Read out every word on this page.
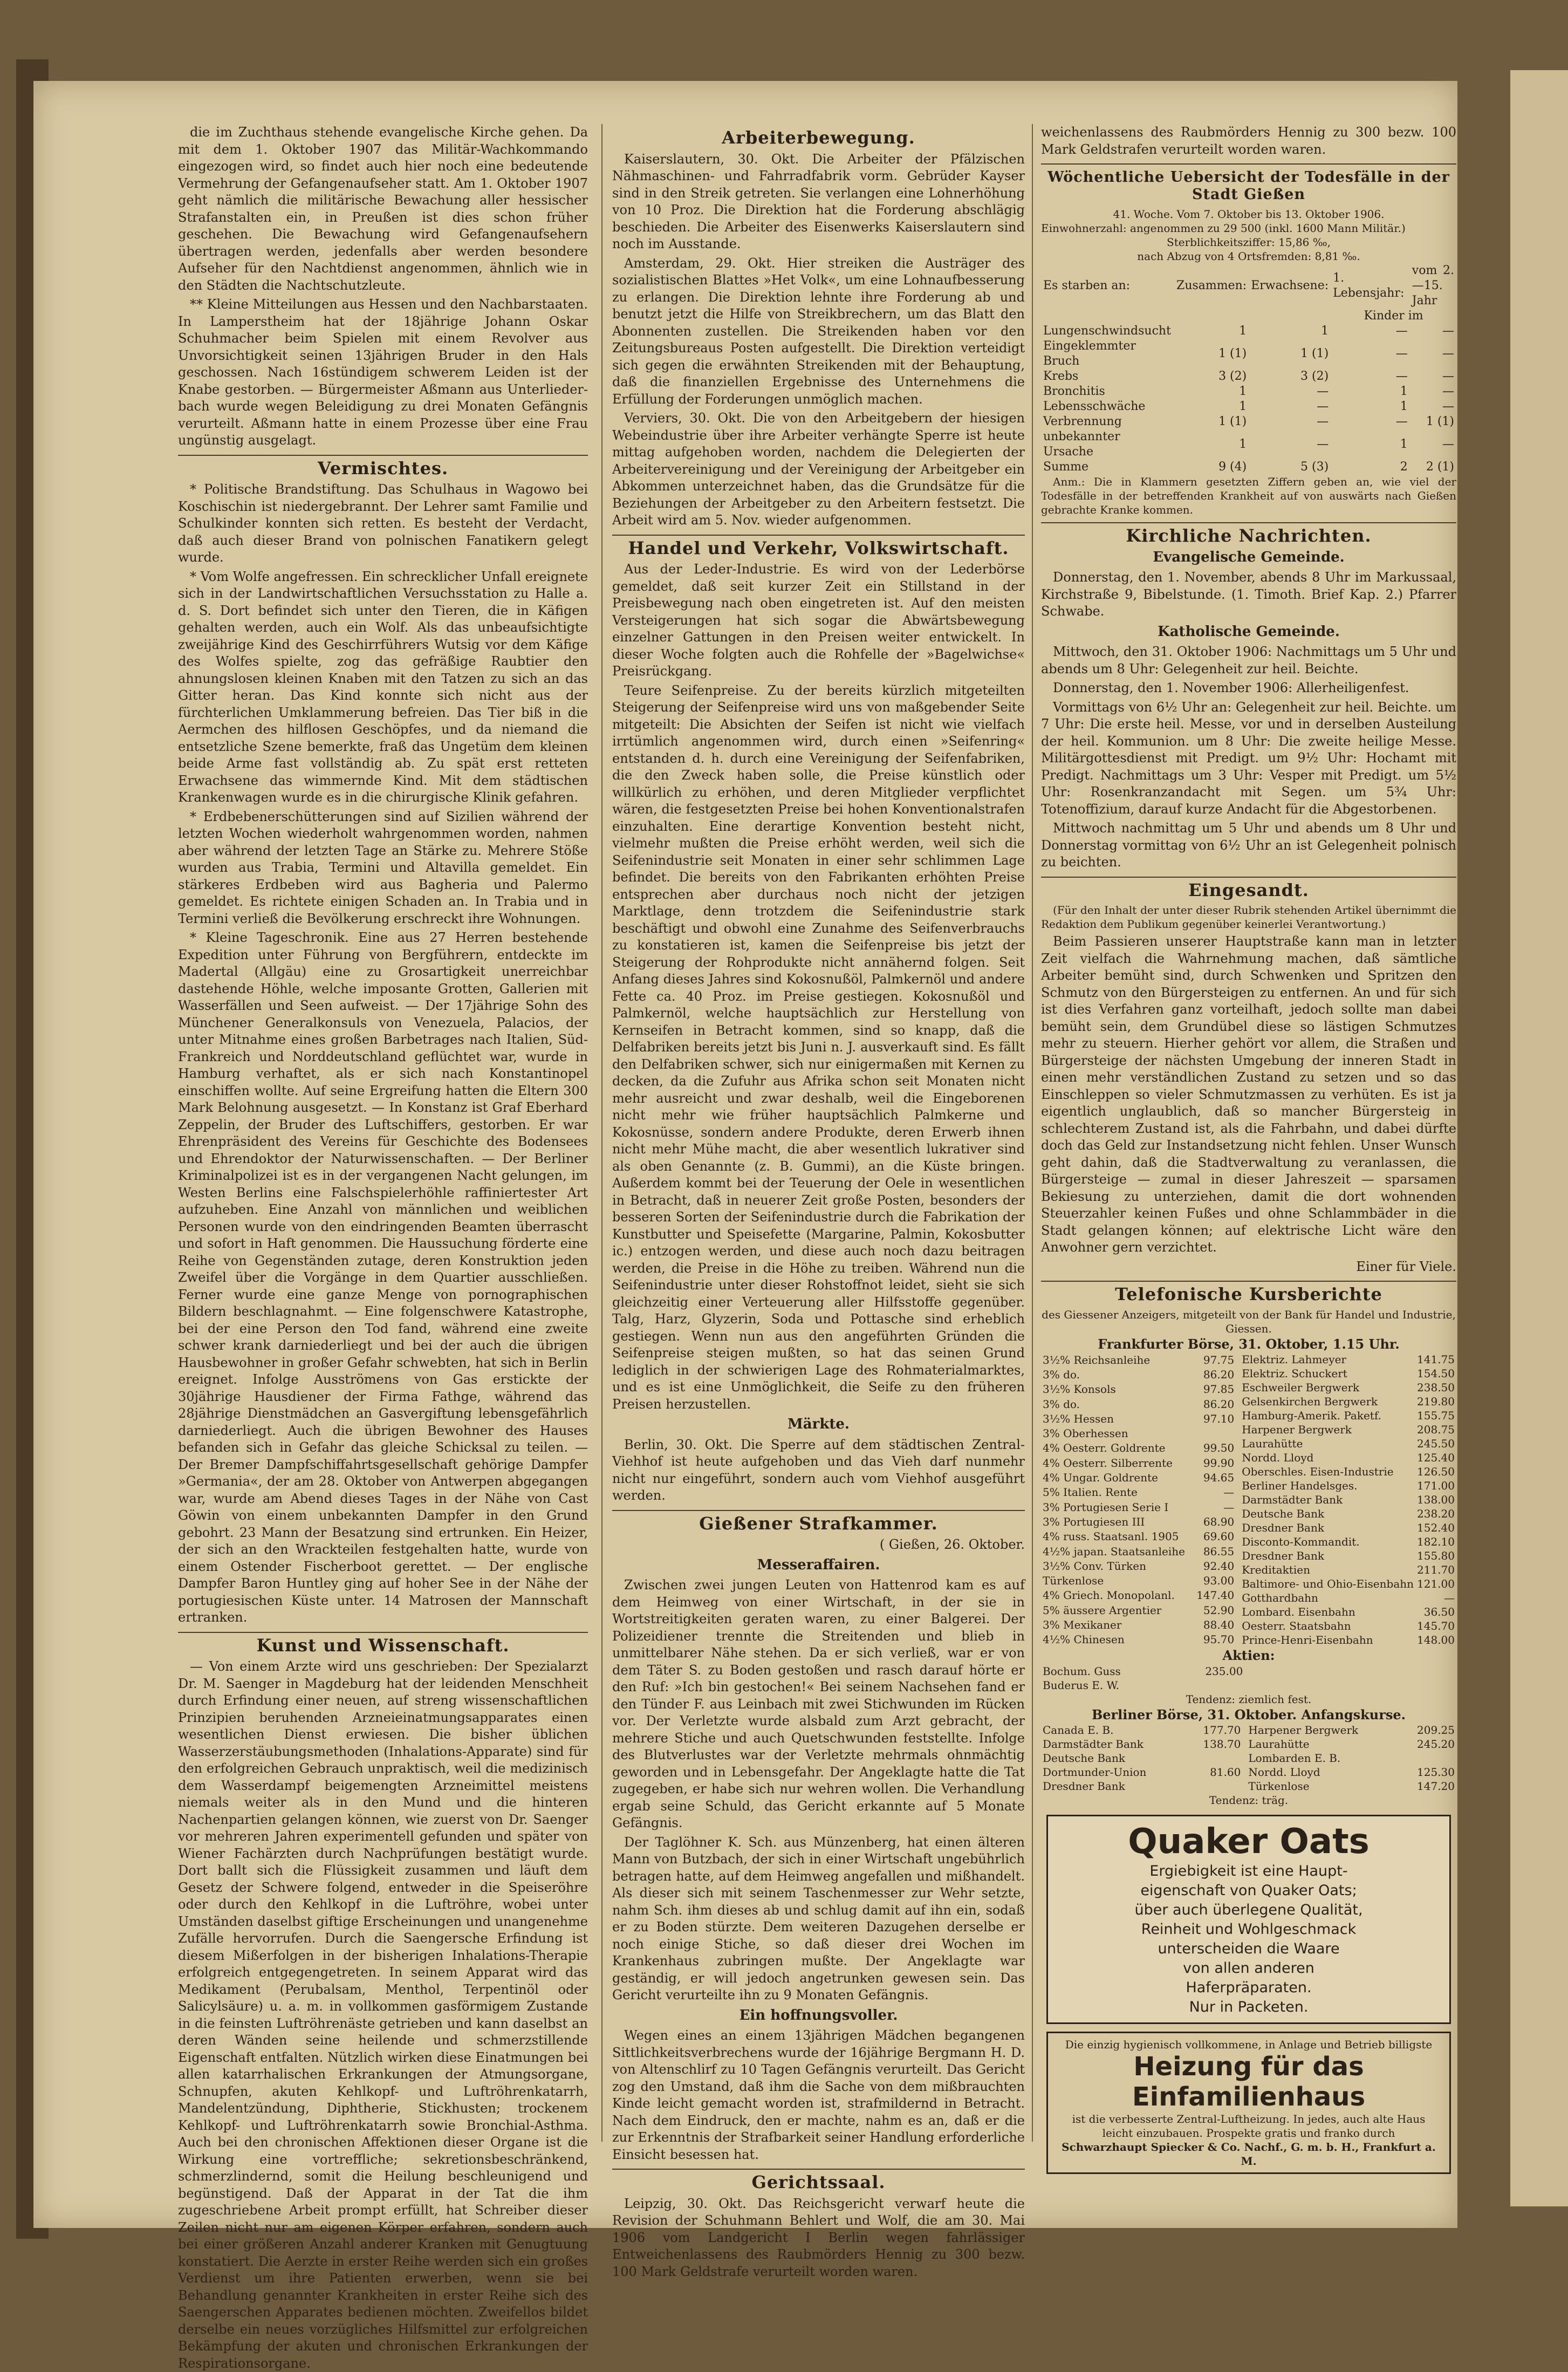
die im Zuchthaus stehende evangelische Kirche gehen. Da mit dem 1. Oktober 1907 das Militär-Wachkommando eingezogen wird, so findet auch hier noch eine bedeutende Vermehrung der Gefangenaufseher statt. Am 1. Oktober 1907 geht nämlich die militärische Bewachung aller hessischer Strafanstalten ein, in Preußen ist dies schon früher geschehen. Die Bewachung wird Gefangenaufsehern übertragen werden, jedenfalls aber werden besondere Aufseher für den Nachtdienst angenommen, ähnlich wie in den Städten die Nachtschutzleute.

** Kleine Mitteilungen aus Hessen und den Nachbarstaaten. In Lamperstheim hat der 18jährige Johann Oskar Schuhmacher beim Spielen mit einem Revolver aus Unvorsichtigkeit seinen 13jährigen Bruder in den Hals geschossen. Nach 16stündigem schwerem Leiden ist der Knabe gestorben. — Bürgermeister Aßmann aus Unterliederbach wurde wegen Beleidigung zu drei Monaten Gefängnis verurteilt. Aßmann hatte in einem Prozesse über eine Frau ungünstig ausgelagt.

Vermischtes.

* Politische Brandstiftung. Das Schulhaus in Wagowo bei Koschischin ist niedergebrannt. Der Lehrer samt Familie und Schulkinder konnten sich retten. Es besteht der Verdacht, daß auch dieser Brand von polnischen Fanatikern gelegt wurde.

* Vom Wolfe angefressen. Ein schrecklicher Unfall ereignete sich in der Landwirtschaftlichen Versuchsstation zu Halle a. d. S. Dort befindet sich unter den Tieren, die in Käfigen gehalten werden, auch ein Wolf. Als das unbeaufsichtigte zweijährige Kind des Geschirrführers Wutsig vor dem Käfige des Wolfes spielte, zog das gefräßige Raubtier den ahnungslosen kleinen Knaben mit den Tatzen zu sich an das Gitter heran. Das Kind konnte sich nicht aus der fürchterlichen Umklammerung befreien. Das Tier biß in die Aermchen des hilflosen Geschöpfes, und da niemand die entsetzliche Szene bemerkte, fraß das Ungetüm dem kleinen beide Arme fast vollständig ab. Zu spät erst retteten Erwachsene das wimmernde Kind. Mit dem städtischen Krankenwagen wurde es in die chirurgische Klinik gefahren.

* Erdbebenerschütterungen sind auf Sizilien während der letzten Wochen wiederholt wahrgenommen worden, nahmen aber während der letzten Tage an Stärke zu. Mehrere Stöße wurden aus Trabia, Termini und Altavilla gemeldet. Ein stärkeres Erdbeben wird aus Bagheria und Palermo gemeldet. Es richtete einigen Schaden an. In Trabia und in Termini verließ die Bevölkerung erschreckt ihre Wohnungen.

* Kleine Tageschronik. Eine aus 27 Herren bestehende Expedition unter Führung von Bergführern, entdeckte im Madertal (Allgäu) eine zu Grosartigkeit unerreichbar dastehende Höhle, welche imposante Grotten, Gallerien mit Wasserfällen und Seen aufweist. — Der 17jährige Sohn des Münchener Generalkonsuls von Venezuela, Palacios, der unter Mitnahme eines großen Barbetrages nach Italien, Süd-Frankreich und Norddeutschland geflüchtet war, wurde in Hamburg verhaftet, als er sich nach Konstantinopel einschiffen wollte. Auf seine Ergreifung hatten die Eltern 300 Mark Belohnung ausgesetzt. — In Konstanz ist Graf Eberhard Zeppelin, der Bruder des Luftschiffers, gestorben. Er war Ehrenpräsident des Vereins für Geschichte des Bodensees und Ehrendoktor der Naturwissenschaften. — Der Berliner Kriminalpolizei ist es in der vergangenen Nacht gelungen, im Westen Berlins eine Falschspielerhöhle raffiniertester Art aufzuheben. Eine Anzahl von männlichen und weiblichen Personen wurde von den eindringenden Beamten überrascht und sofort in Haft genommen. Die Haussuchung förderte eine Reihe von Gegenständen zutage, deren Konstruktion jeden Zweifel über die Vorgänge in dem Quartier ausschließen. Ferner wurde eine ganze Menge von pornographischen Bildern beschlagnahmt. — Eine folgenschwere Katastrophe, bei der eine Person den Tod fand, während eine zweite schwer krank darniederliegt und bei der auch die übrigen Hausbewohner in großer Gefahr schwebten, hat sich in Berlin ereignet. Infolge Ausströmens von Gas erstickte der 30jährige Hausdiener der Firma Fathge, während das 28jährige Dienstmädchen an Gasvergiftung lebensgefährlich darniederliegt. Auch die übrigen Bewohner des Hauses befanden sich in Gefahr das gleiche Schicksal zu teilen. — Der Bremer Dampfschiffahrtsgesellschaft gehörige Dampfer »Germania«, der am 28. Oktober von Antwerpen abgegangen war, wurde am Abend dieses Tages in der Nähe von Cast Göwin von einem unbekannten Dampfer in den Grund gebohrt. 23 Mann der Besatzung sind ertrunken. Ein Heizer, der sich an den Wrackteilen festgehalten hatte, wurde von einem Ostender Fischerboot gerettet. — Der englische Dampfer Baron Huntley ging auf hoher See in der Nähe der portugiesischen Küste unter. 14 Matrosen der Mannschaft ertranken.

Kunst und Wissenschaft.

— Von einem Arzte wird uns geschrieben: Der Spezialarzt Dr. M. Saenger in Magdeburg hat der leidenden Menschheit durch Erfindung einer neuen, auf streng wissenschaftlichen Prinzipien beruhenden Arzneieinatmungsapparates einen wesentlichen Dienst erwiesen. Die bisher üblichen Wasserzerstäubungsmethoden (Inhalations-Apparate) sind für den erfolgreichen Gebrauch unpraktisch, weil die medizinisch dem Wasserdampf beigemengten Arzneimittel meistens niemals weiter als in den Mund und die hinteren Nachenpartien gelangen können, wie zuerst von Dr. Saenger vor mehreren Jahren experimentell gefunden und später von Wiener Fachärzten durch Nachprüfungen bestätigt wurde. Dort ballt sich die Flüssigkeit zusammen und läuft dem Gesetz der Schwere folgend, entweder in die Speiseröhre oder durch den Kehlkopf in die Luftröhre, wobei unter Umständen daselbst giftige Erscheinungen und unangenehme Zufälle hervorrufen. Durch die Saengersche Erfindung ist diesem Mißerfolgen in der bisherigen Inhalations-Therapie erfolgreich entgegengetreten. In seinem Apparat wird das Medikament (Perubalsam, Menthol, Terpentinöl oder Salicylsäure) u. a. m. in vollkommen gasförmigem Zustande in die feinsten Luftröhrenäste getrieben und kann daselbst an deren Wänden seine heilende und schmerzstillende Eigenschaft entfalten. Nützlich wirken diese Einatmungen bei allen katarrhalischen Erkrankungen der Atmungsorgane, Schnupfen, akuten Kehlkopf- und Luftröhrenkatarrh, Mandelentzündung, Diphtherie, Stickhusten; trockenem Kehlkopf- und Luftröhrenkatarrh sowie Bronchial-Asthma. Auch bei den chronischen Affektionen dieser Organe ist die Wirkung eine vortreffliche; sekretionsbeschränkend, schmerzlindernd, somit die Heilung beschleunigend und begünstigend. Daß der Apparat in der Tat die ihm zugeschriebene Arbeit prompt erfüllt, hat Schreiber dieser Zeilen nicht nur am eigenen Körper erfahren, sondern auch bei einer größeren Anzahl anderer Kranken mit Genugtuung konstatiert. Die Aerzte in erster Reihe werden sich ein großes Verdienst um ihre Patienten erwerben, wenn sie bei Behandlung genannter Krankheiten in erster Reihe sich des Saengerschen Apparates bedienen möchten. Zweifellos bildet derselbe ein neues vorzügliches Hilfsmittel zur erfolgreichen Bekämpfung der akuten und chronischen Erkrankungen der Respirationsorgane.

Arbeiterbewegung.

Kaiserslautern, 30. Okt. Die Arbeiter der Pfälzischen Nähmaschinen- und Fahrradfabrik vorm. Gebrüder Kayser sind in den Streik getreten. Sie verlangen eine Lohnerhöhung von 10 Proz. Die Direktion hat die Forderung abschlägig beschieden. Die Arbeiter des Eisenwerks Kaiserslautern sind noch im Ausstande.

Amsterdam, 29. Okt. Hier streiken die Austräger des sozialistischen Blattes »Het Volk«, um eine Lohnaufbesserung zu erlangen. Die Direktion lehnte ihre Forderung ab und benutzt jetzt die Hilfe von Streikbrechern, um das Blatt den Abonnenten zustellen. Die Streikenden haben vor den Zeitungsbureaus Posten aufgestellt. Die Direktion verteidigt sich gegen die erwähnten Streikenden mit der Behauptung, daß die finanziellen Ergebnisse des Unternehmens die Erfüllung der Forderungen unmöglich machen.

Verviers, 30. Okt. Die von den Arbeitgebern der hiesigen Webeindustrie über ihre Arbeiter verhängte Sperre ist heute mittag aufgehoben worden, nachdem die Delegierten der Arbeitervereinigung und der Vereinigung der Arbeitgeber ein Abkommen unterzeichnet haben, das die Grundsätze für die Beziehungen der Arbeitgeber zu den Arbeitern festsetzt. Die Arbeit wird am 5. Nov. wieder aufgenommen.

Handel und Verkehr, Volkswirtschaft.

Aus der Leder-Industrie. Es wird von der Lederbörse gemeldet, daß seit kurzer Zeit ein Stillstand in der Preisbewegung nach oben eingetreten ist. Auf den meisten Versteigerungen hat sich sogar die Abwärtsbewegung einzelner Gattungen in den Preisen weiter entwickelt. In dieser Woche folgten auch die Rohfelle der »Bagelwichse« Preisrückgang.

Teure Seifenpreise. Zu der bereits kürzlich mitgeteilten Steigerung der Seifenpreise wird uns von maßgebender Seite mitgeteilt: Die Absichten der Seifen ist nicht wie vielfach irrtümlich angenommen wird, durch einen »Seifenring« entstanden d. h. durch eine Vereinigung der Seifenfabriken, die den Zweck haben solle, die Preise künstlich oder willkürlich zu erhöhen, und deren Mitglieder verpflichtet wären, die festgesetzten Preise bei hohen Konventionalstrafen einzuhalten. Eine derartige Konvention besteht nicht, vielmehr mußten die Preise erhöht werden, weil sich die Seifenindustrie seit Monaten in einer sehr schlimmen Lage befindet. Die bereits von den Fabrikanten erhöhten Preise entsprechen aber durchaus noch nicht der jetzigen Marktlage, denn trotzdem die Seifenindustrie stark beschäftigt und obwohl eine Zunahme des Seifenverbrauchs zu konstatieren ist, kamen die Seifenpreise bis jetzt der Steigerung der Rohprodukte nicht annähernd folgen. Seit Anfang dieses Jahres sind Kokosnußöl, Palmkernöl und andere Fette ca. 40 Proz. im Preise gestiegen. Kokosnußöl und Palmkernöl, welche hauptsächlich zur Herstellung von Kernseifen in Betracht kommen, sind so knapp, daß die Delfabriken bereits jetzt bis Juni n. J. ausverkauft sind. Es fällt den Delfabriken schwer, sich nur einigermaßen mit Kernen zu decken, da die Zufuhr aus Afrika schon seit Monaten nicht mehr ausreicht und zwar deshalb, weil die Eingeborenen nicht mehr wie früher hauptsächlich Palmkerne und Kokosnüsse, sondern andere Produkte, deren Erwerb ihnen nicht mehr Mühe macht, die aber wesentlich lukrativer sind als oben Genannte (z. B. Gummi), an die Küste bringen. Außerdem kommt bei der Teuerung der Oele in wesentlichen in Betracht, daß in neuerer Zeit große Posten, besonders der besseren Sorten der Seifenindustrie durch die Fabrikation der Kunstbutter und Speisefette (Margarine, Palmin, Kokosbutter ic.) entzogen werden, und diese auch noch dazu beitragen werden, die Preise in die Höhe zu treiben. Während nun die Seifenindustrie unter dieser Rohstoffnot leidet, sieht sie sich gleichzeitig einer Verteuerung aller Hilfsstoffe gegenüber. Talg, Harz, Glyzerin, Soda und Pottasche sind erheblich gestiegen. Wenn nun aus den angeführten Gründen die Seifenpreise steigen mußten, so hat das seinen Grund lediglich in der schwierigen Lage des Rohmaterialmarktes, und es ist eine Unmöglichkeit, die Seife zu den früheren Preisen herzustellen.

Märkte.

Berlin, 30. Okt. Die Sperre auf dem städtischen Zentral-Viehhof ist heute aufgehoben und das Vieh darf nunmehr nicht nur eingeführt, sondern auch vom Viehhof ausgeführt werden.

Gießener Strafkammer.
( Gießen, 26. Oktober.
Messeraffairen.

Zwischen zwei jungen Leuten von Hattenrod kam es auf dem Heimweg von einer Wirtschaft, in der sie in Wortstreitigkeiten geraten waren, zu einer Balgerei. Der Polizeidiener trennte die Streitenden und blieb in unmittelbarer Nähe stehen. Da er sich verließ, war er von dem Täter S. zu Boden gestoßen und rasch darauf hörte er den Ruf: »Ich bin gestochen!« Bei seinem Nachsehen fand er den Tünder F. aus Leinbach mit zwei Stichwunden im Rücken vor. Der Verletzte wurde alsbald zum Arzt gebracht, der mehrere Stiche und auch Quetschwunden feststellte. Infolge des Blutverlustes war der Verletzte mehrmals ohnmächtig geworden und in Lebensgefahr. Der Angeklagte hatte die Tat zugegeben, er habe sich nur wehren wollen. Die Verhandlung ergab seine Schuld, das Gericht erkannte auf 5 Monate Gefängnis.

Der Taglöhner K. Sch. aus Münzenberg, hat einen älteren Mann von Butzbach, der sich in einer Wirtschaft ungebührlich betragen hatte, auf dem Heimweg angefallen und mißhandelt. Als dieser sich mit seinem Taschenmesser zur Wehr setzte, nahm Sch. ihm dieses ab und schlug damit auf ihn ein, sodaß er zu Boden stürzte. Dem weiteren Dazugehen derselbe er noch einige Stiche, so daß dieser drei Wochen im Krankenhaus zubringen mußte. Der Angeklagte war geständig, er will jedoch angetrunken gewesen sein. Das Gericht verurteilte ihn zu 9 Monaten Gefängnis.

Ein hoffnungsvoller.

Wegen eines an einem 13jährigen Mädchen begangenen Sittlichkeitsverbrechens wurde der 16jährige Bergmann H. D. von Altenschlirf zu 10 Tagen Gefängnis verurteilt. Das Gericht zog den Umstand, daß ihm die Sache von dem mißbrauchten Kinde leicht gemacht worden ist, strafmildernd in Betracht. Nach dem Eindruck, den er machte, nahm es an, daß er die zur Erkenntnis der Strafbarkeit seiner Handlung erforderliche Einsicht besessen hat.

Gerichtssaal.

Leipzig, 30. Okt. Das Reichsgericht verwarf heute die Revision der Schuhmann Behlert und Wolf, die am 30. Mai 1906 vom Landgericht I Berlin wegen fahrlässiger Entweichenlassens des Raubmörders Hennig zu 300 bezw. 100 Mark Geldstrafe verurteilt worden waren.

weichenlassens des Raubmörders Hennig zu 300 bezw. 100 Mark Geldstrafen verurteilt worden waren.

Wöchentliche Uebersicht der Todesfälle in der Stadt Gießen
41. Woche. Vom 7. Oktober bis 13. Oktober 1906.
Einwohnerzahl: angenommen zu 29 500 (inkl. 1600 Mann Militär.)
Sterblichkeitsziffer: 15,86 ‰,
nach Abzug von 4 Ortsfremden: 8,81 ‰.
Es starben an:	Zusammen:	Erwachsene:	1. Lebensjahr:	vom 2.—15. Jahr
			Kinder im	
Lungenschwindsucht	1	1	—	—
Eingeklemmter Bruch	1 (1)	1 (1)	—	—
Krebs	3 (2)	3 (2)	—	—
Bronchitis	1	—	1	—
Lebensschwäche	1	—	1	—
Verbrennung	1 (1)	—	—	1 (1)
unbekannter Ursache	1	—	1	—
Summe	9 (4)	5 (3)	2	2 (1)

Anm.: Die in Klammern gesetzten Ziffern geben an, wie viel der Todesfälle in der betreffenden Krankheit auf von auswärts nach Gießen gebrachte Kranke kommen.

Kirchliche Nachrichten.
Evangelische Gemeinde.

Donnerstag, den 1. November, abends 8 Uhr im Markussaal, Kirchstraße 9, Bibelstunde. (1. Timoth. Brief Kap. 2.) Pfarrer Schwabe.

Katholische Gemeinde.

Mittwoch, den 31. Oktober 1906: Nachmittags um 5 Uhr und abends um 8 Uhr: Gelegenheit zur heil. Beichte.

Donnerstag, den 1. November 1906: Allerheiligenfest.

Vormittags von 6½ Uhr an: Gelegenheit zur heil. Beichte. um 7 Uhr: Die erste heil. Messe, vor und in derselben Austeilung der heil. Kommunion. um 8 Uhr: Die zweite heilige Messe. Militärgottesdienst mit Predigt. um 9½ Uhr: Hochamt mit Predigt. Nachmittags um 3 Uhr: Vesper mit Predigt. um 5½ Uhr: Rosenkranzandacht mit Segen. um 5¾ Uhr: Totenoffizium, darauf kurze Andacht für die Abgestorbenen.

Mittwoch nachmittag um 5 Uhr und abends um 8 Uhr und Donnerstag vormittag von 6½ Uhr an ist Gelegenheit polnisch zu beichten.

Eingesandt.

(Für den Inhalt der unter dieser Rubrik stehenden Artikel übernimmt die Redaktion dem Publikum gegenüber keinerlei Verantwortung.)

Beim Passieren unserer Hauptstraße kann man in letzter Zeit vielfach die Wahrnehmung machen, daß sämtliche Arbeiter bemüht sind, durch Schwenken und Spritzen den Schmutz von den Bürgersteigen zu entfernen. An und für sich ist dies Verfahren ganz vorteilhaft, jedoch sollte man dabei bemüht sein, dem Grundübel diese so lästigen Schmutzes mehr zu steuern. Hierher gehört vor allem, die Straßen und Bürgersteige der nächsten Umgebung der inneren Stadt in einen mehr verständlichen Zustand zu setzen und so das Einschleppen so vieler Schmutzmassen zu verhüten. Es ist ja eigentlich unglaublich, daß so mancher Bürgersteig in schlechterem Zustand ist, als die Fahrbahn, und dabei dürfte doch das Geld zur Instandsetzung nicht fehlen. Unser Wunsch geht dahin, daß die Stadtverwaltung zu veranlassen, die Bürgersteige — zumal in dieser Jahreszeit — sparsamen Bekiesung zu unterziehen, damit die dort wohnenden Steuerzahler keinen Fußes und ohne Schlammbäder in die Stadt gelangen können; auf elektrische Licht wäre den Anwohner gern verzichtet.

Einer für Viele.
Telefonische Kursberichte
des Giessener Anzeigers, mitgeteilt von der Bank für Handel und Industrie, Giessen.
Frankfurter Börse, 31. Oktober, 1.15 Uhr.
3½% Reichsanleihe	97.75
3% do.	86.20
3½% Konsols	97.85
3% do.	86.20
3½% Hessen	97.10
3% Oberhessen	
4% Oesterr. Goldrente	99.50
4% Oesterr. Silberrente	99.90
4% Ungar. Goldrente	94.65
5% Italien. Rente	—
3% Portugiesen Serie I	—
3% Portugiesen III	68.90
4% russ. Staatsanl. 1905	69.60
4½% japan. Staatsanleihe	86.55
3½% Conv. Türken	92.40
Türkenlose	93.00
4% Griech. Monopolanl.	147.40
5% äussere Argentier	52.90
3% Mexikaner	88.40
4½% Chinesen	95.70
Elektriz. Lahmeyer	141.75
Elektriz. Schuckert	154.50
Eschweiler Bergwerk	238.50
Gelsenkirchen Bergwerk	219.80
Hamburg-Amerik. Paketf.	155.75
Harpener Bergwerk	208.75
Laurahütte	245.50
Nordd. Lloyd	125.40
Oberschles. Eisen-Industrie	126.50
Berliner Handelsges.	171.00
Darmstädter Bank	138.00
Deutsche Bank	238.20
Dresdner Bank	152.40
Disconto-Kommandit.	182.10
Dresdner Bank	155.80
Kreditaktien	211.70
Baltimore- und Ohio-Eisenbahn	121.00
Gotthardbahn	—
Lombard. Eisenbahn	36.50
Oesterr. Staatsbahn	145.70
Prince-Henri-Eisenbahn	148.00
Aktien:
Bochum. Guss	235.00
Buderus E. W.	
Tendenz: ziemlich fest.
Berliner Börse, 31. Oktober. Anfangskurse.
Canada E. B.	177.70
Darmstädter Bank	138.70
Deutsche Bank	
Dortmunder-Union	81.60
Dresdner Bank	
Harpener Bergwerk	209.25
Laurahütte	245.20
Lombarden E. B.	
Nordd. Lloyd	125.30
Türkenlose	147.20
Tendenz: träg.
Quaker Oats
Ergiebigkeit ist eine Haupt-
eigenschaft von Quaker Oats;
über auch überlegene Qualität,
Reinheit und Wohlgeschmack
unterscheiden die Waare
von allen anderen
Haferpräparaten.
Nur in Packeten.
Die einzig hygienisch vollkommene, in Anlage und Betrieb billigste
Heizung für das Einfamilienhaus
ist die verbesserte Zentral-Luftheizung. In jedes, auch alte Haus leicht einzubauen. Prospekte gratis und franko durch
Schwarzhaupt Spiecker & Co. Nachf., G. m. b. H., Frankfurt a. M.
